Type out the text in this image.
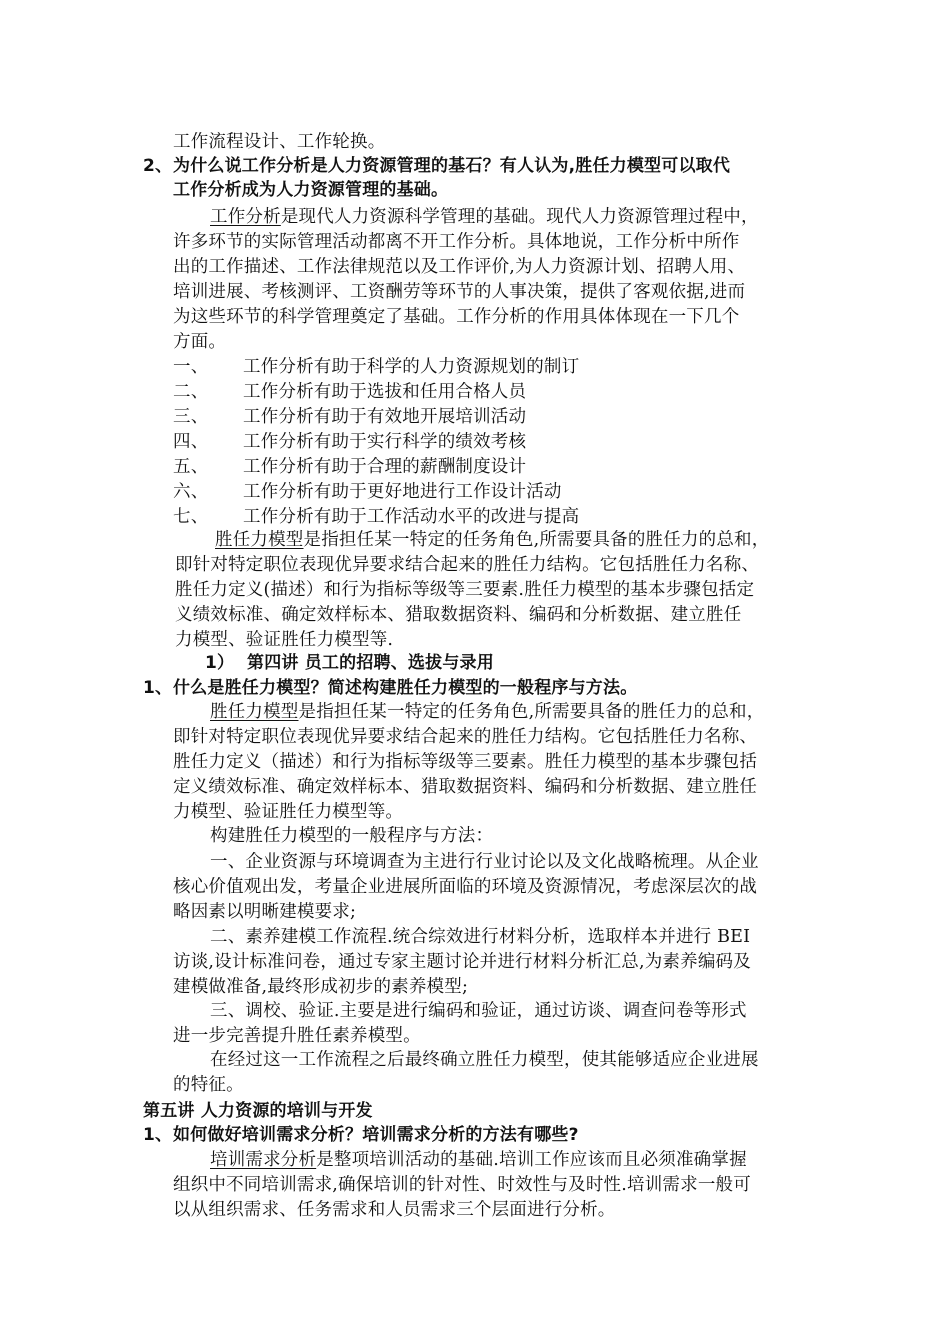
工作流程设计、工作轮换。
2、为什么说工作分析是人力资源管理的基石？有人认为,胜任力模型可以取代
工作分析成为人力资源管理的基础。
工作分析是现代人力资源科学管理的基础。现代人力资源管理过程中，
许多环节的实际管理活动都离不开工作分析。具体地说，工作分析中所作
出的工作描述、工作法律规范以及工作评价,为人力资源计划、招聘人用、
培训进展、考核测评、工资酬劳等环节的人事决策，提供了客观依据,进而
为这些环节的科学管理奠定了基础。工作分析的作用具体体现在一下几个
方面。
一、 工作分析有助于科学的人力资源规划的制订
二、 工作分析有助于选拔和任用合格人员
三、 工作分析有助于有效地开展培训活动
四、 工作分析有助于实行科学的绩效考核
五、 工作分析有助于合理的薪酬制度设计
六、 工作分析有助于更好地进行工作设计活动
七、 工作分析有助于工作活动水平的改进与提高
胜任力模型是指担任某一特定的任务角色,所需要具备的胜任力的总和，
即针对特定职位表现优异要求结合起来的胜任力结构。它包括胜任力名称、
胜任力定义(描述）和行为指标等级等三要素.胜任力模型的基本步骤包括定
义绩效标准、确定效样标本、猎取数据资料、编码和分析数据、建立胜任
力模型、验证胜任力模型等.
1） 第四讲 员工的招聘、选拔与录用
1、什么是胜任力模型？简述构建胜任力模型的一般程序与方法。
胜任力模型是指担任某一特定的任务角色,所需要具备的胜任力的总和，
即针对特定职位表现优异要求结合起来的胜任力结构。它包括胜任力名称、
胜任力定义（描述）和行为指标等级等三要素。胜任力模型的基本步骤包括
定义绩效标准、确定效样标本、猎取数据资料、编码和分析数据、建立胜任
力模型、验证胜任力模型等。
构建胜任力模型的一般程序与方法：
一、企业资源与环境调查为主进行行业讨论以及文化战略梳理。从企业
核心价值观出发，考量企业进展所面临的环境及资源情况，考虑深层次的战
略因素以明晰建模要求;
二、素养建模工作流程.统合综效进行材料分析，选取样本并进行 BEI
访谈,设计标准问卷，通过专家主题讨论并进行材料分析汇总,为素养编码及
建模做准备,最终形成初步的素养模型;
三、调校、验证.主要是进行编码和验证，通过访谈、调查问卷等形式
进一步完善提升胜任素养模型。
在经过这一工作流程之后最终确立胜任力模型，使其能够适应企业进展
的特征。
第五讲 人力资源的培训与开发
1、如何做好培训需求分析？培训需求分析的方法有哪些?
培训需求分析是整项培训活动的基础.培训工作应该而且必须准确掌握
组织中不同培训需求,确保培训的针对性、时效性与及时性.培训需求一般可
以从组织需求、任务需求和人员需求三个层面进行分析。
